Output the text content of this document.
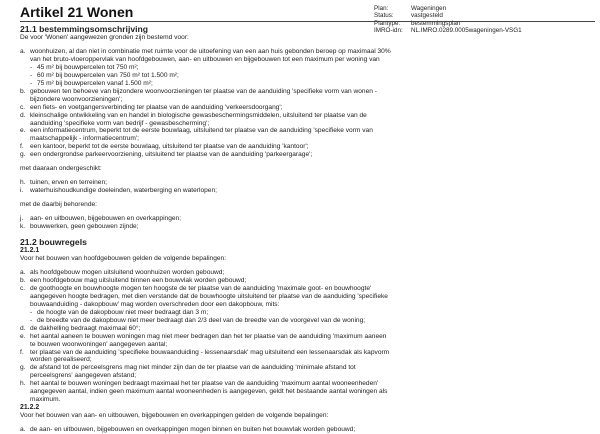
Artikel 21 Wonen	Plan:	Wageningen
Status:	vastgesteld
Plantype:	bestemmingsplan
IMRO-idn:	NL.IMRO.0289.0005wageningen-VSG1

21.1 bestemmingsomschrijving

De voor 'Wonen' aangewezen gronden zijn bestemd voor:

a. woonhuizen, al dan niet in combinatie met ruimte voor de uitoefening van een aan huis gebonden beroep op maximaal 30%

van het bruto-vloeroppervlak van hoofdgebouwen, aan- en uitbouwen en bijgebouwen tot een maximum per woning van

- 45 m² bij bouwpercelen tot 750 m²;
- 60 m² bij bouwpercelen van 750 m² tot 1.500 m²;
- 75 m² bij bouwpercelen vanaf 1.500 m²;
b. gebouwen ten behoeve van bijzondere woonvoorzieningen ter plaatse van de aanduiding 'specifieke vorm van wonen -

bijzondere woonvoorzieningen';

c. een fiets- en voetgangersverbinding ter plaatse van de aanduiding 'verkeersdoorgang';

d. kleinschalige ontwikkeling van en handel in biologische gewasbeschermingsmiddelen, uitsluitend ter plaatse van de

aanduiding 'specifieke vorm van bedrijf - gewasbescherming';

e. een informatiecentrum, beperkt tot de eerste bouwlaag, uitsluitend ter plaatse van de aanduiding 'specifieke vorm van

maatschappelijk - informatiecentrum';

f. een kantoor, beperkt tot de eerste bouwlaag, uitsluitend ter plaatse van de aanduiding 'kantoor';

g. een ondergrondse parkeervoorziening, uitsluitend ter plaatse van de aanduiding 'parkeergarage';

met daaraan ondergeschikt:

h. tuinen, erven en terreinen;

i.	waterhuishoudkundige doeleinden, waterberging en waterlopen;

met de daarbij behorende:

j.	aan- en uitbouwen, bijgebouwen en overkappingen;

k. bouwwerken, geen gebouwen zijnde;

21.2 bouwregels

21.2.1

Voor het bouwen van hoofdgebouwen gelden de volgende bepalingen:

a. als hoofdgebouw mogen uitsluitend woonhuizen worden gebouwd;

b. een hoofdgebouw mag uitsluitend binnen een bouwvlak worden gebouwd;

c. de goothoogte en bouwhoogte mogen ten hoogste de ter plaatse van de aanduiding 'maximale goot- en bouwhoogte'

aangegeven hoogte bedragen, met dien verstande dat de bouwhoogte uitsluitend ter plaatse van de aanduiding 'specifieke

bouwaanduiding - dakopbouw' mag worden overschreden door een dakopbouw, mits:

- de hoogte van de dakopbouw niet meer bedraagt dan 3 m;
- de breedte van de dakopbouw niet meer bedraagt dan 2/3 deel van de breedte van de voorgevel van de woning;
d. de dakhelling bedraagt maximaal 60°;

e. het aantal aaneen te bouwen woningen mag niet meer bedragen dan het ter plaatse van de aanduiding 'maximum aaneen

te bouwen woonwoningen' aangegeven aantal;

f. ter plaatse van de aanduiding 'specifieke bouwaanduiding - lessenaarsdak' mag uitsluitend een lessenaarsdak als kapvorm

worden gerealiseerd;

g. de afstand tot de perceelsgrens mag niet minder zijn dan de ter plaatse van de aanduiding 'minimale afstand tot

perceelsgrens' aangegeven afstand;

h. het aantal te bouwen woningen bedraagt maximaal het ter plaatse van de aanduiding 'maximum aantal wooneenheden'

aangegeven aantal, indien geen maximum aantal wooneenheden is aangegeven, geldt het bestaande aantal woningen als

maximum.

21.2.2

Voor het bouwen van aan- en uitbouwen, bijgebouwen en overkappingen gelden de volgende bepalingen:

a. de aan- en uitbouwen, bijgebouwen en overkappingen mogen binnen en buiten het bouwvlak worden gebouwd;
